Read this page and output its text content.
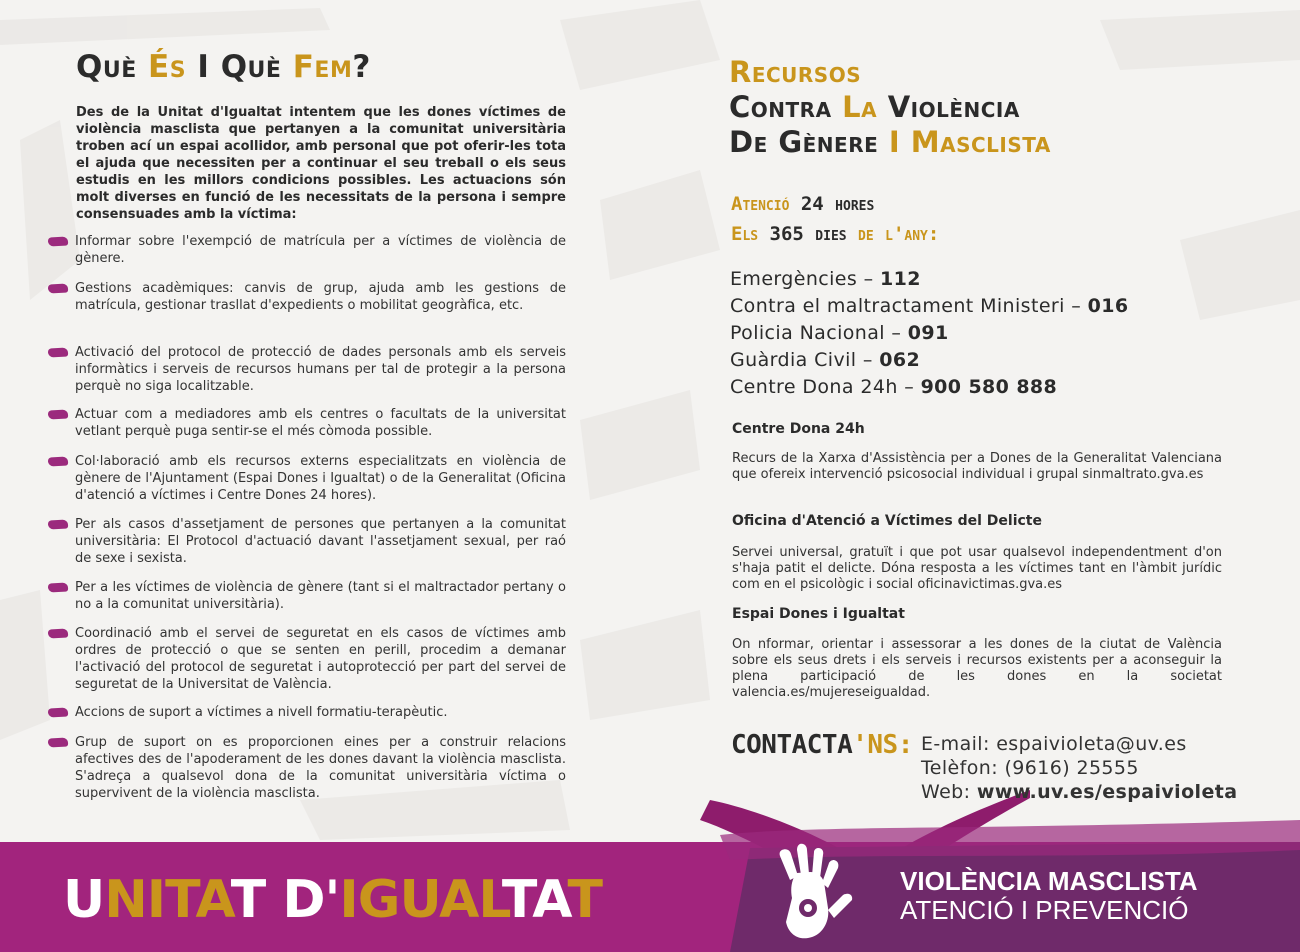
Què És I Què Fem?

Des de la Unitat d'Igualtat intentem que les dones víctimes de violència masclista que pertanyen a la comunitat universitària troben ací un espai acollidor, amb personal que pot oferir-les tota el ajuda que necessiten per a continuar el seu treball o els seus estudis en les millors condicions possibles. Les actuacions són molt diverses en funció de les necessitats de la persona i sempre consensuades amb la víctima:

Informar sobre l'exempció de matrícula per a víctimes de violència de gènere.
Gestions acadèmiques: canvis de grup, ajuda amb les gestions de matrícula, gestionar trasllat d'expedients o mobilitat geogràfica, etc.
Activació del protocol de protecció de dades personals amb els serveis informàtics i serveis de recursos humans per tal de protegir a la persona perquè no siga localitzable.
Actuar com a mediadores amb els centres o facultats de la universitat vetlant perquè puga sentir-se el més còmoda possible.
Col·laboració amb els recursos externs especialitzats en violència de gènere de l'Ajuntament (Espai Dones i Igualtat) o de la Generalitat (Oficina d'atenció a víctimes i Centre Dones 24 hores).
Per als casos d'assetjament de persones que pertanyen a la comunitat universitària: El Protocol d'actuació davant l'assetjament sexual, per raó de sexe i sexista.
Per a les víctimes de violència de gènere (tant si el maltractador pertany o no a la comunitat universitària).
Coordinació amb el servei de seguretat en els casos de víctimes amb ordres de protecció o que se senten en perill, procedim a demanar l'activació del protocol de seguretat i autoprotecció per part del servei de seguretat de la Universitat de València.
Accions de suport a víctimes a nivell formatiu-terapèutic.
Grup de suport on es proporcionen eines per a construir relacions afectives des de l'apoderament de les dones davant la violència masclista. S'adreça a qualsevol dona de la comunitat universitària víctima o supervivent de la violència masclista.
Recursos
Contra La Violència
De Gènere I Masclista
Atenció 24 hores
Els 365 dies de l'any:
Emergències – 112
Contra el maltractament Ministeri – 016
Policia Nacional – 091
Guàrdia Civil – 062
Centre Dona 24h – 900 580 888
Centre Dona 24h

Recurs de la Xarxa d'Assistència per a Dones de la Generalitat Valenciana que ofereix intervenció psicosocial individual i grupal sinmaltrato.gva.es

Oficina d'Atenció a Víctimes del Delicte

Servei universal, gratuït i que pot usar qualsevol independentment d'on s'haja patit el delicte. Dóna resposta a les víctimes tant en l'àmbit jurídic com en el psicològic i social oficinavictimas.gva.es

Espai Dones i Igualtat

On nformar, orientar i assessorar a les dones de la ciutat de València sobre els seus drets i els serveis i recursos existents per a aconseguir la plena participació de les dones en la societat valencia.es/mujereseigualdad.

CONTACTA'NS: E-mail: espaivioleta@uv.es
Telèfon: (9616) 25555
Web: www.uv.es/espaivioleta
UNITAT D'IGUALTAT	VIOLÈNCIA MASCLISTA
ATENCIÓ I PREVENCIÓ
